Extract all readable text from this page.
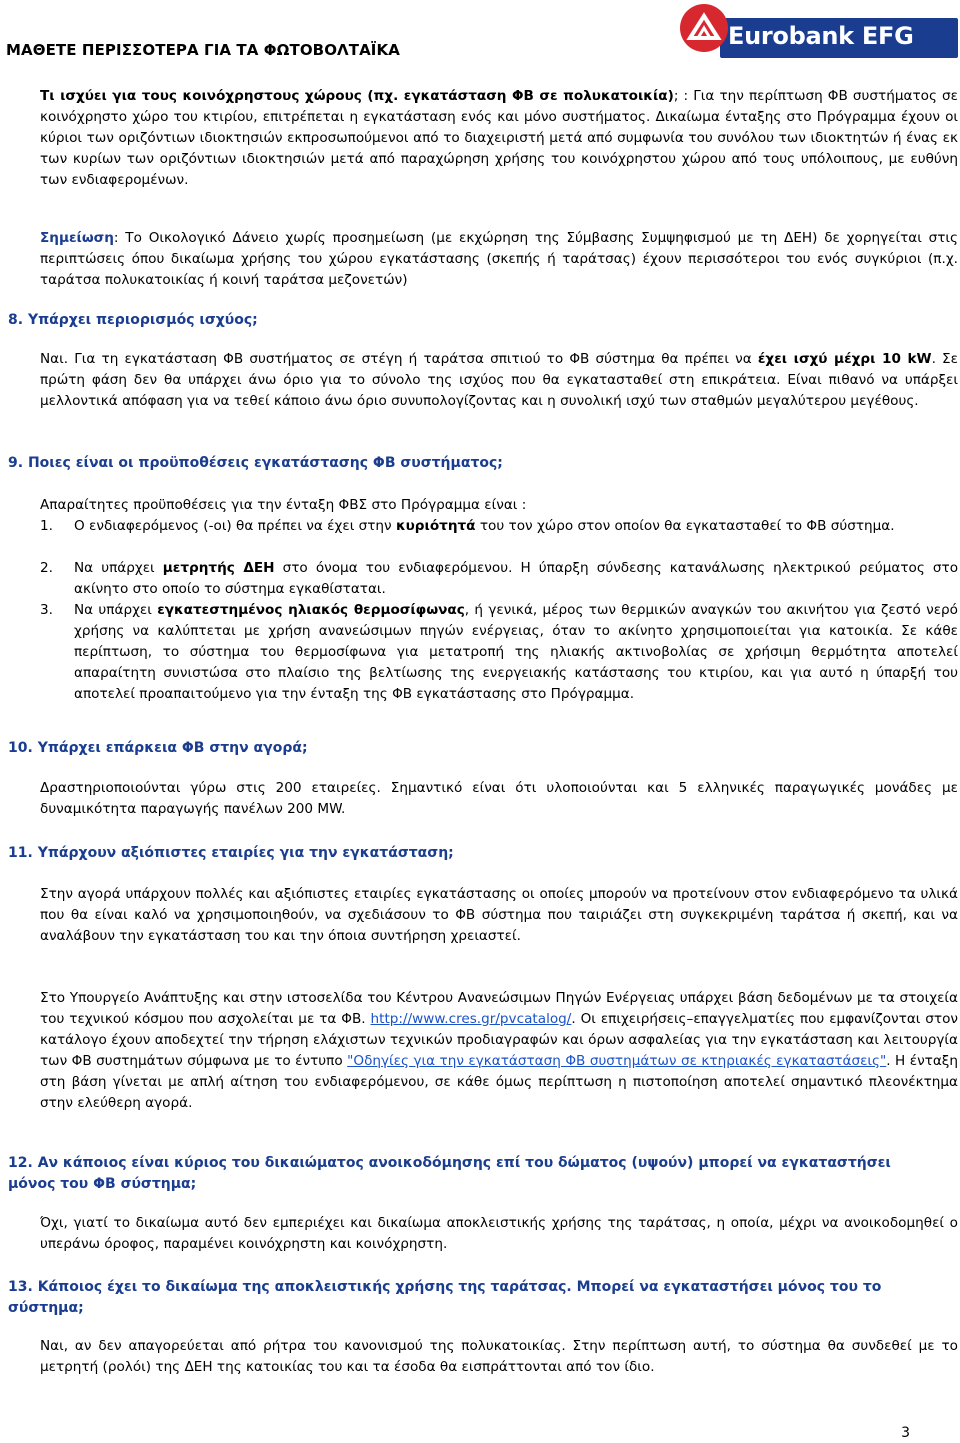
ΜΑΘΕΤΕ ΠΕΡΙΣΣΟΤΕΡΑ ΓΙΑ ΤΑ ΦΩΤΟΒΟΛΤΑΪΚΑ	Eurobank EFG
Τι ισχύει για τους κοινόχρηστους χώρους (πχ. εγκατάσταση ΦΒ σε πολυκατοικία); : Για την περίπτωση ΦΒ συστήματος σε κοινόχρηστο χώρο του κτιρίου, επιτρέπεται η εγκατάσταση ενός και μόνο συστήματος. Δικαίωμα ένταξης στο Πρόγραμμα έχουν οι κύριοι των οριζόντιων ιδιοκτησιών εκπροσωπούμενοι από το διαχειριστή μετά από συμφωνία του συνόλου των ιδιοκτητών ή ένας εκ των κυρίων των οριζόντιων ιδιοκτησιών μετά από παραχώρηση χρήσης του κοινόχρηστου χώρου από τους υπόλοιπους, με ευθύνη των ενδιαφερομένων.
Σημείωση: Το Οικολογικό Δάνειο χωρίς προσημείωση (με εκχώρηση της Σύμβασης Συμψηφισμού με τη ΔΕΗ) δε χορηγείται στις περιπτώσεις όπου δικαίωμα χρήσης του χώρου εγκατάστασης (σκεπής ή ταράτσας) έχουν περισσότεροι του ενός συγκύριοι (π.χ. ταράτσα πολυκατοικίας ή κοινή ταράτσα μεζονετών)
8. Υπάρχει περιορισμός ισχύος;
Ναι. Για τη εγκατάσταση ΦΒ συστήματος σε στέγη ή ταράτσα σπιτιού το ΦΒ σύστημα θα πρέπει να έχει ισχύ μέχρι 10 kW. Σε πρώτη φάση δεν θα υπάρχει άνω όριο για το σύνολο της ισχύος που θα εγκατασταθεί στη επικράτεια. Είναι πιθανό να υπάρξει μελλοντικά απόφαση για να τεθεί κάποιο άνω όριο συνυπολογίζοντας και η συνολική ισχύ των σταθμών μεγαλύτερου μεγέθους.
9. Ποιες είναι οι προϋποθέσεις εγκατάστασης ΦΒ συστήματος;
Απαραίτητες προϋποθέσεις για την ένταξη ΦΒΣ στο Πρόγραμμα είναι :
1. Ο ενδιαφερόμενος (-οι) θα πρέπει να έχει στην κυριότητά του τον χώρο στον οποίον θα εγκατασταθεί το ΦΒ σύστημα.
2. Να υπάρχει μετρητής ΔΕΗ στο όνομα του ενδιαφερόμενου. Η ύπαρξη σύνδεσης κατανάλωσης ηλεκτρικού ρεύματος στο ακίνητο στο οποίο το σύστημα εγκαθίσταται.
3. Να υπάρχει εγκατεστημένος ηλιακός θερμοσίφωνας, ή γενικά, μέρος των θερμικών αναγκών του ακινήτου για ζεστό νερό χρήσης να καλύπτεται με χρήση ανανεώσιμων πηγών ενέργειας, όταν το ακίνητο χρησιμοποιείται για κατοικία. Σε κάθε περίπτωση, το σύστημα του θερμοσίφωνα για μετατροπή της ηλιακής ακτινοβολίας σε χρήσιμη θερμότητα αποτελεί απαραίτητη συνιστώσα στο πλαίσιο της βελτίωσης της ενεργειακής κατάστασης του κτιρίου, και για αυτό η ύπαρξή του αποτελεί προαπαιτούμενο για την ένταξη της ΦΒ εγκατάστασης στο Πρόγραμμα.
10. Υπάρχει επάρκεια ΦΒ στην αγορά;
Δραστηριοποιούνται γύρω στις 200 εταιρείες. Σημαντικό είναι ότι υλοποιούνται και 5 ελληνικές παραγωγικές μονάδες με δυναμικότητα παραγωγής πανέλων 200 MW.
11. Υπάρχουν αξιόπιστες εταιρίες για την εγκατάσταση;
Στην αγορά υπάρχουν πολλές και αξιόπιστες εταιρίες εγκατάστασης οι οποίες μπορούν να προτείνουν στον ενδιαφερόμενο τα υλικά που θα είναι καλό να χρησιμοποιηθούν, να σχεδιάσουν το ΦΒ σύστημα που ταιριάζει στη συγκεκριμένη ταράτσα ή σκεπή, και να αναλάβουν την εγκατάσταση του και την όποια συντήρηση χρειαστεί.
Στο Υπουργείο Ανάπτυξης και στην ιστοσελίδα του Κέντρου Ανανεώσιμων Πηγών Ενέργειας υπάρχει βάση δεδομένων με τα στοιχεία του τεχνικού κόσμου που ασχολείται με τα ΦΒ. http://www.cres.gr/pvcatalog/. Οι επιχειρήσεις–επαγγελματίες που εμφανίζονται στον κατάλογο έχουν αποδεχτεί την τήρηση ελάχιστων τεχνικών προδιαγραφών και όρων ασφαλείας για την εγκατάσταση και λειτουργία των ΦΒ συστημάτων σύμφωνα με το έντυπο "Οδηγίες για την εγκατάσταση ΦΒ συστημάτων σε κτηριακές εγκαταστάσεις". Η ένταξη στη βάση γίνεται με απλή αίτηση του ενδιαφερόμενου, σε κάθε όμως περίπτωση η πιστοποίηση αποτελεί σημαντικό πλεονέκτημα στην ελεύθερη αγορά.
12. Αν κάποιος είναι κύριος του δικαιώματος ανοικοδόμησης επί του δώματος (υψούν) μπορεί να εγκαταστήσει μόνος του ΦΒ σύστημα;
Όχι, γιατί το δικαίωμα αυτό δεν εμπεριέχει και δικαίωμα αποκλειστικής χρήσης της ταράτσας, η οποία, μέχρι να ανοικοδομηθεί ο υπεράνω όροφος, παραμένει κοινόχρηστη και κοινόχρηστη.
13. Κάποιος έχει το δικαίωμα της αποκλειστικής χρήσης της ταράτσας. Μπορεί να εγκαταστήσει μόνος του το σύστημα;
Ναι, αν δεν απαγορεύεται από ρήτρα του κανονισμού της πολυκατοικίας. Στην περίπτωση αυτή, το σύστημα θα συνδεθεί με το μετρητή (ρολόι) της ΔΕΗ της κατοικίας του και τα έσοδα θα εισπράττονται από τον ίδιο.
3
